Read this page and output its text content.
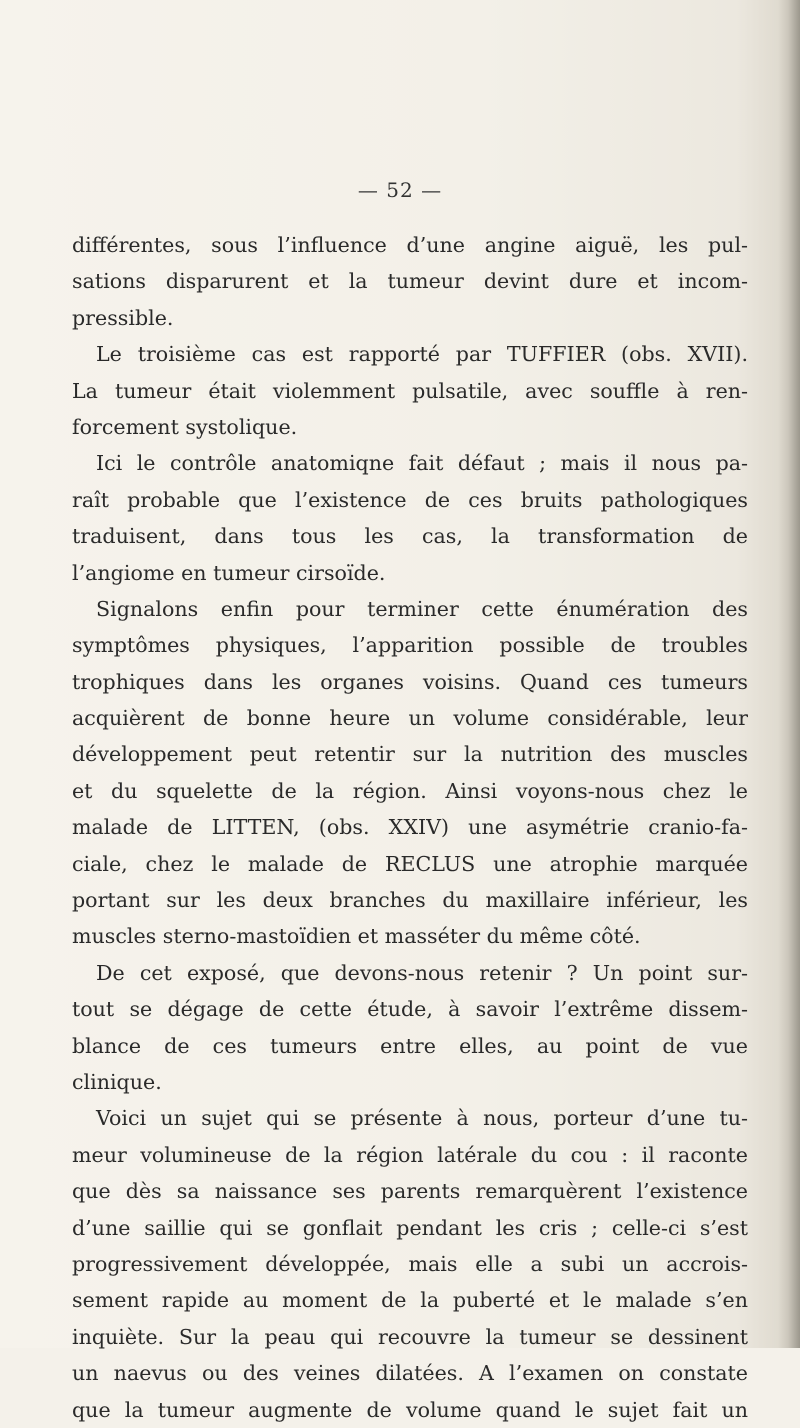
— 52 —
différentes, sous l’influence d’une angine aiguë, les pul-
sations disparurent et la tumeur devint dure et incom-
pressible.
Le troisième cas est rapporté par TUFFIER (obs. XVII).
La tumeur était violemment pulsatile, avec souffle à ren-
forcement systolique.
Ici le contrôle anatomiqne fait défaut ; mais il nous pa-
raît probable que l’existence de ces bruits pathologiques
traduisent, dans tous les cas, la transformation de
l’angiome en tumeur cirsoïde.
Signalons enfin pour terminer cette énumération des
symptômes physiques, l’apparition possible de troubles
trophiques dans les organes voisins. Quand ces tumeurs
acquièrent de bonne heure un volume considérable, leur
développement peut retentir sur la nutrition des muscles
et du squelette de la région. Ainsi voyons-nous chez le
malade de LITTEN, (obs. XXIV) une asymétrie cranio-fa-
ciale, chez le malade de RECLUS une atrophie marquée
portant sur les deux branches du maxillaire inférieur, les
muscles sterno-mastoïdien et masséter du même côté.
De cet exposé, que devons-nous retenir ? Un point sur-
tout se dégage de cette étude, à savoir l’extrême dissem-
blance de ces tumeurs entre elles, au point de vue
clinique.
Voici un sujet qui se présente à nous, porteur d’une tu-
meur volumineuse de la région latérale du cou : il raconte
que dès sa naissance ses parents remarquèrent l’existence
d’une saillie qui se gonflait pendant les cris ; celle-ci s’est
progressivement développée, mais elle a subi un accrois-
sement rapide au moment de la puberté et le malade s’en
inquiète. Sur la peau qui recouvre la tumeur se dessinent
un naevus ou des veines dilatées. A l’examen on constate
que la tumeur augmente de volume quand le sujet fait un
